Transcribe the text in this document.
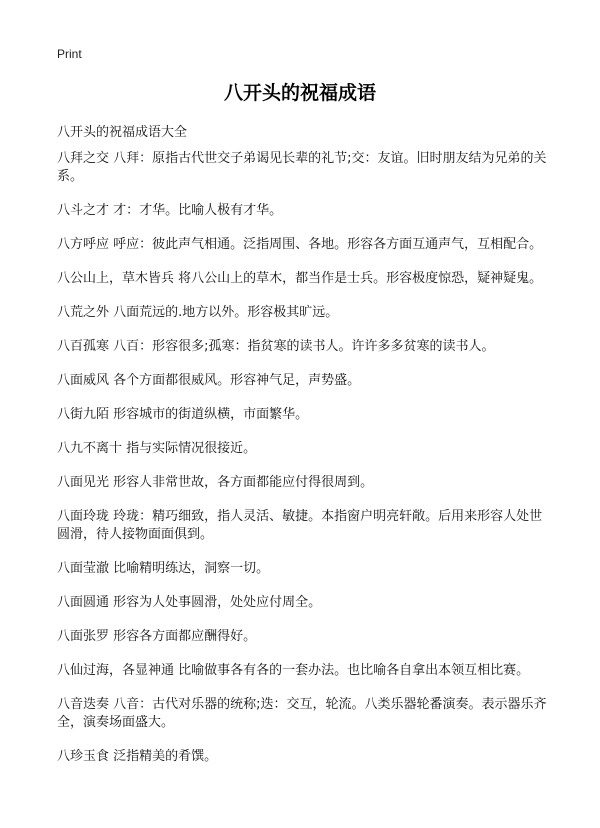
Print
八开头的祝福成语
八开头的祝福成语大全
八拜之交 八拜：原指古代世交子弟谒见长辈的礼节;交：友谊。旧时朋友结为兄弟的关系。
八斗之才 才：才华。比喻人极有才华。
八方呼应 呼应：彼此声气相通。泛指周围、各地。形容各方面互通声气，互相配合。
八公山上，草木皆兵 将八公山上的草木，都当作是士兵。形容极度惊恐，疑神疑鬼。
八荒之外 八面荒远的.地方以外。形容极其旷远。
八百孤寒 八百：形容很多;孤寒：指贫寒的读书人。许许多多贫寒的读书人。
八面威风 各个方面都很威风。形容神气足，声势盛。
八街九陌 形容城市的街道纵横，市面繁华。
八九不离十 指与实际情况很接近。
八面见光 形容人非常世故，各方面都能应付得很周到。
八面玲珑 玲珑：精巧细致，指人灵活、敏捷。本指窗户明亮轩敞。后用来形容人处世圆滑，待人接物面面俱到。
八面莹澈 比喻精明练达，洞察一切。
八面圆通 形容为人处事圆滑，处处应付周全。
八面张罗 形容各方面都应酬得好。
八仙过海，各显神通 比喻做事各有各的一套办法。也比喻各自拿出本领互相比赛。
八音迭奏 八音：古代对乐器的统称;迭：交互，轮流。八类乐器轮番演奏。表示器乐齐全，演奏场面盛大。
八珍玉食 泛指精美的肴馔。
